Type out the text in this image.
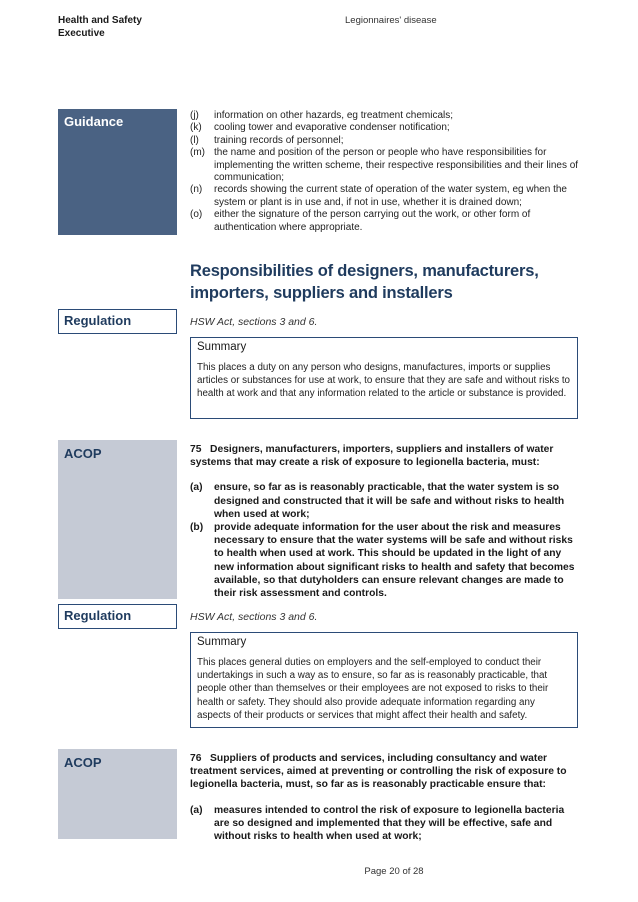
Health and Safety
Executive
Legionnaires' disease
Guidance	(j)	information on other hazards, eg treatment chemicals;
(k)	cooling tower and evaporative condenser notification;
(l)	training records of personnel;
(m) the name and position of the person or people who have responsibilities for implementing the written scheme, their respective responsibilities and their lines of communication;
(n)	records showing the current state of operation of the water system, eg when the system or plant is in use and, if not in use, whether it is drained down;
(o)	either the signature of the person carrying out the work, or other form of authentication where appropriate.
Responsibilities of designers, manufacturers,
importers, suppliers and installers
Regulation	HSW Act, sections 3 and 6.
Summary
This places a duty on any person who designs, manufactures, imports or supplies articles or substances for use at work, to ensure that they are safe and without risks to health at work and that any information related to the article or substance is provided.
ACOP	75   Designers, manufacturers, importers, suppliers and installers of water systems that may create a risk of exposure to legionella bacteria, must:
(a)	ensure, so far as is reasonably practicable, that the water system is so designed and constructed that it will be safe and without risks to health when used at work;
(b)	provide adequate information for the user about the risk and measures necessary to ensure that the water systems will be safe and without risks to health when used at work. This should be updated in the light of any new information about significant risks to health and safety that becomes available, so that dutyholders can ensure relevant changes are made to their risk assessment and controls.
Regulation	HSW Act, sections 3 and 6.
Summary
This places general duties on employers and the self-employed to conduct their undertakings in such a way as to ensure, so far as is reasonably practicable, that people other than themselves or their employees are not exposed to risks to their health or safety. They should also provide adequate information regarding any aspects of their products or services that might affect their health and safety.
ACOP	76   Suppliers of products and services, including consultancy and water treatment services, aimed at preventing or controlling the risk of exposure to legionella bacteria, must, so far as is reasonably practicable ensure that:
(a)	measures intended to control the risk of exposure to legionella bacteria are so designed and implemented that they will be effective, safe and without risks to health when used at work;
Page 20 of 28
